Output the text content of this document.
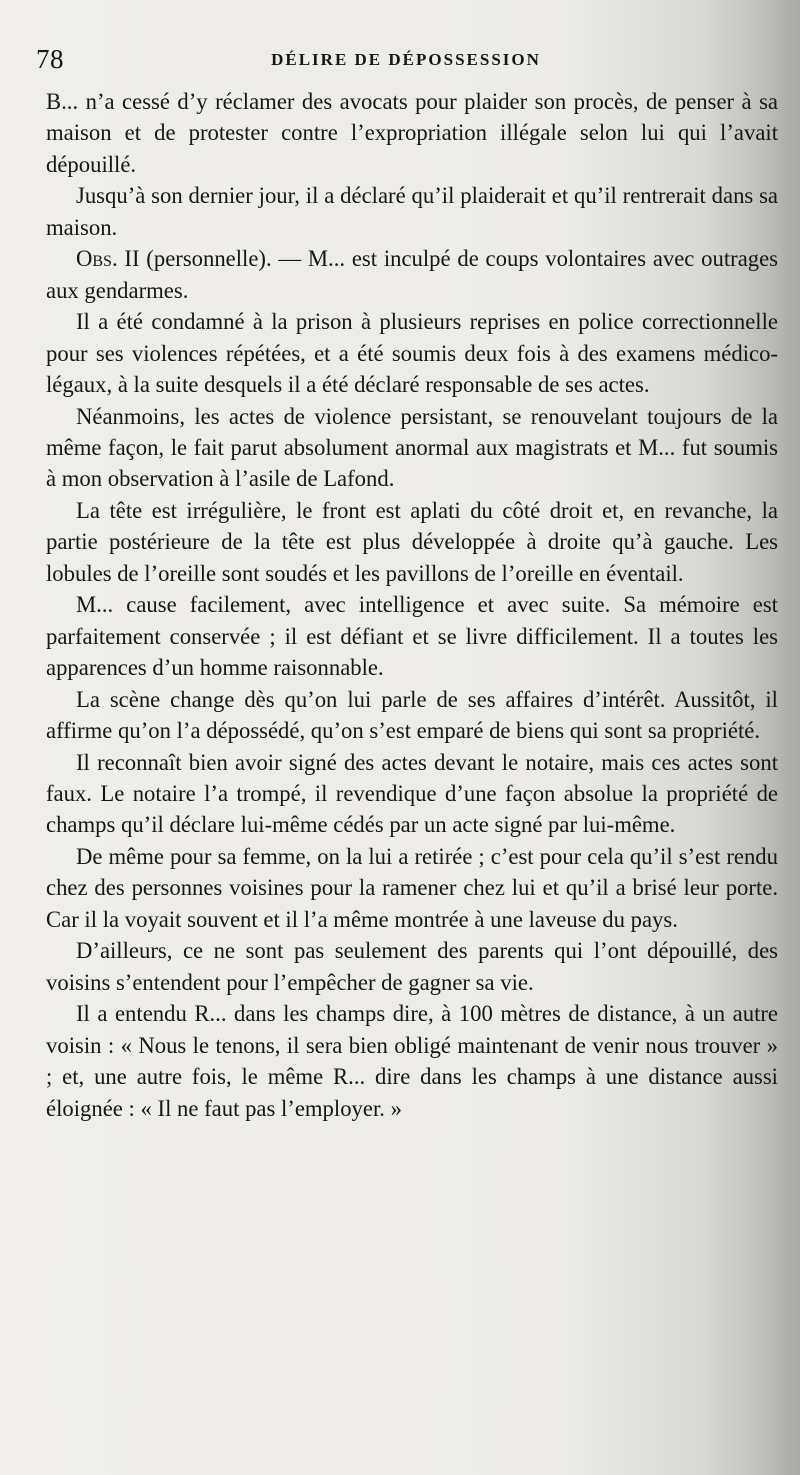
78	DÉLIRE DE DÉPOSSESSION

B... n’a cessé d’y réclamer des avocats pour plaider son procès, de penser à sa maison et de protester contre l’expropriation illégale selon lui qui l’avait dépouillé.

Jusqu’à son dernier jour, il a déclaré qu’il plaiderait et qu’il rentrerait dans sa maison.

Obs. II (personnelle). — M... est inculpé de coups volontaires avec outrages aux gendarmes.

Il a été condamné à la prison à plusieurs reprises en police correctionnelle pour ses violences répétées, et a été soumis deux fois à des examens médico-légaux, à la suite desquels il a été déclaré responsable de ses actes.

Néanmoins, les actes de violence persistant, se renouvelant toujours de la même façon, le fait parut absolument anormal aux magistrats et M... fut soumis à mon observation à l’asile de Lafond.

La tête est irrégulière, le front est aplati du côté droit et, en revanche, la partie postérieure de la tête est plus développée à droite qu’à gauche. Les lobules de l’oreille sont soudés et les pavillons de l’oreille en éventail.

M... cause facilement, avec intelligence et avec suite. Sa mémoire est parfaitement conservée ; il est défiant et se livre difficilement. Il a toutes les apparences d’un homme raisonnable.

La scène change dès qu’on lui parle de ses affaires d’intérêt. Aussitôt, il affirme qu’on l’a dépossédé, qu’on s’est emparé de biens qui sont sa propriété.

Il reconnaît bien avoir signé des actes devant le notaire, mais ces actes sont faux. Le notaire l’a trompé, il revendique d’une façon absolue la propriété de champs qu’il déclare lui-même cédés par un acte signé par lui-même.

De même pour sa femme, on la lui a retirée ; c’est pour cela qu’il s’est rendu chez des personnes voisines pour la ramener chez lui et qu’il a brisé leur porte. Car il la voyait souvent et il l’a même montrée à une laveuse du pays.

D’ailleurs, ce ne sont pas seulement des parents qui l’ont dépouillé, des voisins s’entendent pour l’empêcher de gagner sa vie.

Il a entendu R... dans les champs dire, à 100 mètres de distance, à un autre voisin : « Nous le tenons, il sera bien obligé maintenant de venir nous trouver » ; et, une autre fois, le même R... dire dans les champs à une distance aussi éloignée : « Il ne faut pas l’employer. »
